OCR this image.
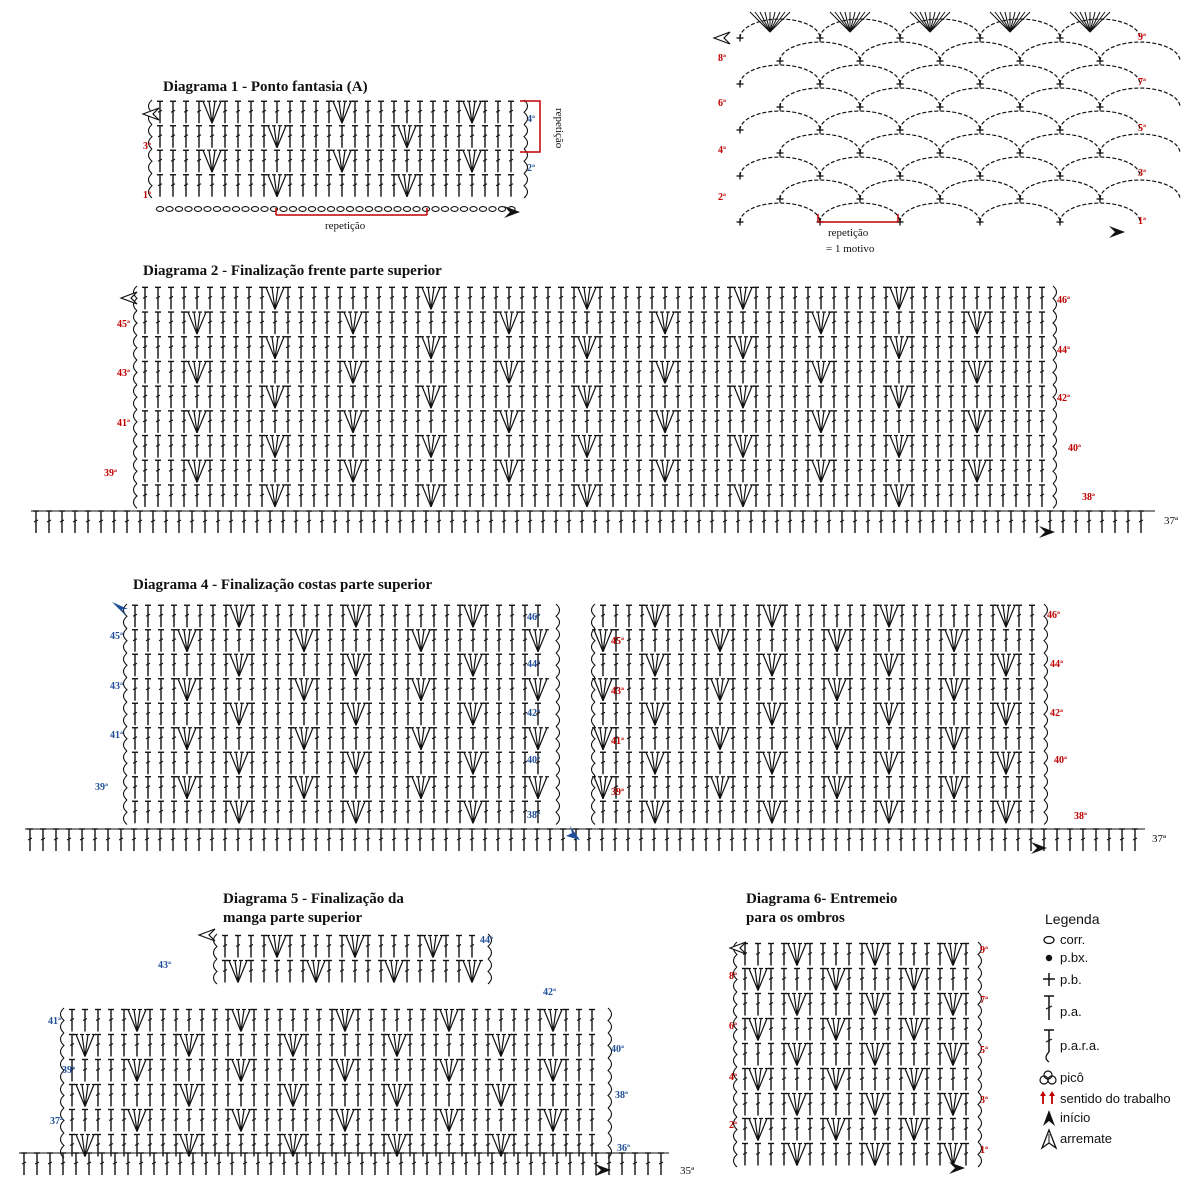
Diagrama 1 - Ponto fantasia (A)
repetição
repetição
3ª
1ª
4ª
2ª
repetição
= 1 motivo
8ª
6ª
4ª
2ª
9ª
7ª
5ª
3ª
1ª
Diagrama 2 - Finalização frente parte superior
45ª
43ª
41ª
39ª
46ª
44ª
42ª
40ª
38ª
37ª
Diagrama 4 - Finalização costas parte superior
45ª
43ª
41ª
39ª
46ª
44ª
42ª
40ª
38ª
45ª
43ª
41ª
39ª
46ª
44ª
42ª
40ª
38ª
37ª
Diagrama 5 - Finalização da
manga parte superior
43ª
41ª
39ª
37ª
44ª
42ª
40ª
38ª
36ª
35ª
Diagrama 6- Entremeio
para os ombros
8ª
6ª
4ª
2ª
9ª
7ª
5ª
3ª
1ª
Legenda
corr.
p.bx.
p.b.
p.a.
p.a.r.a.
picô
sentido do trabalho
início
arremate
